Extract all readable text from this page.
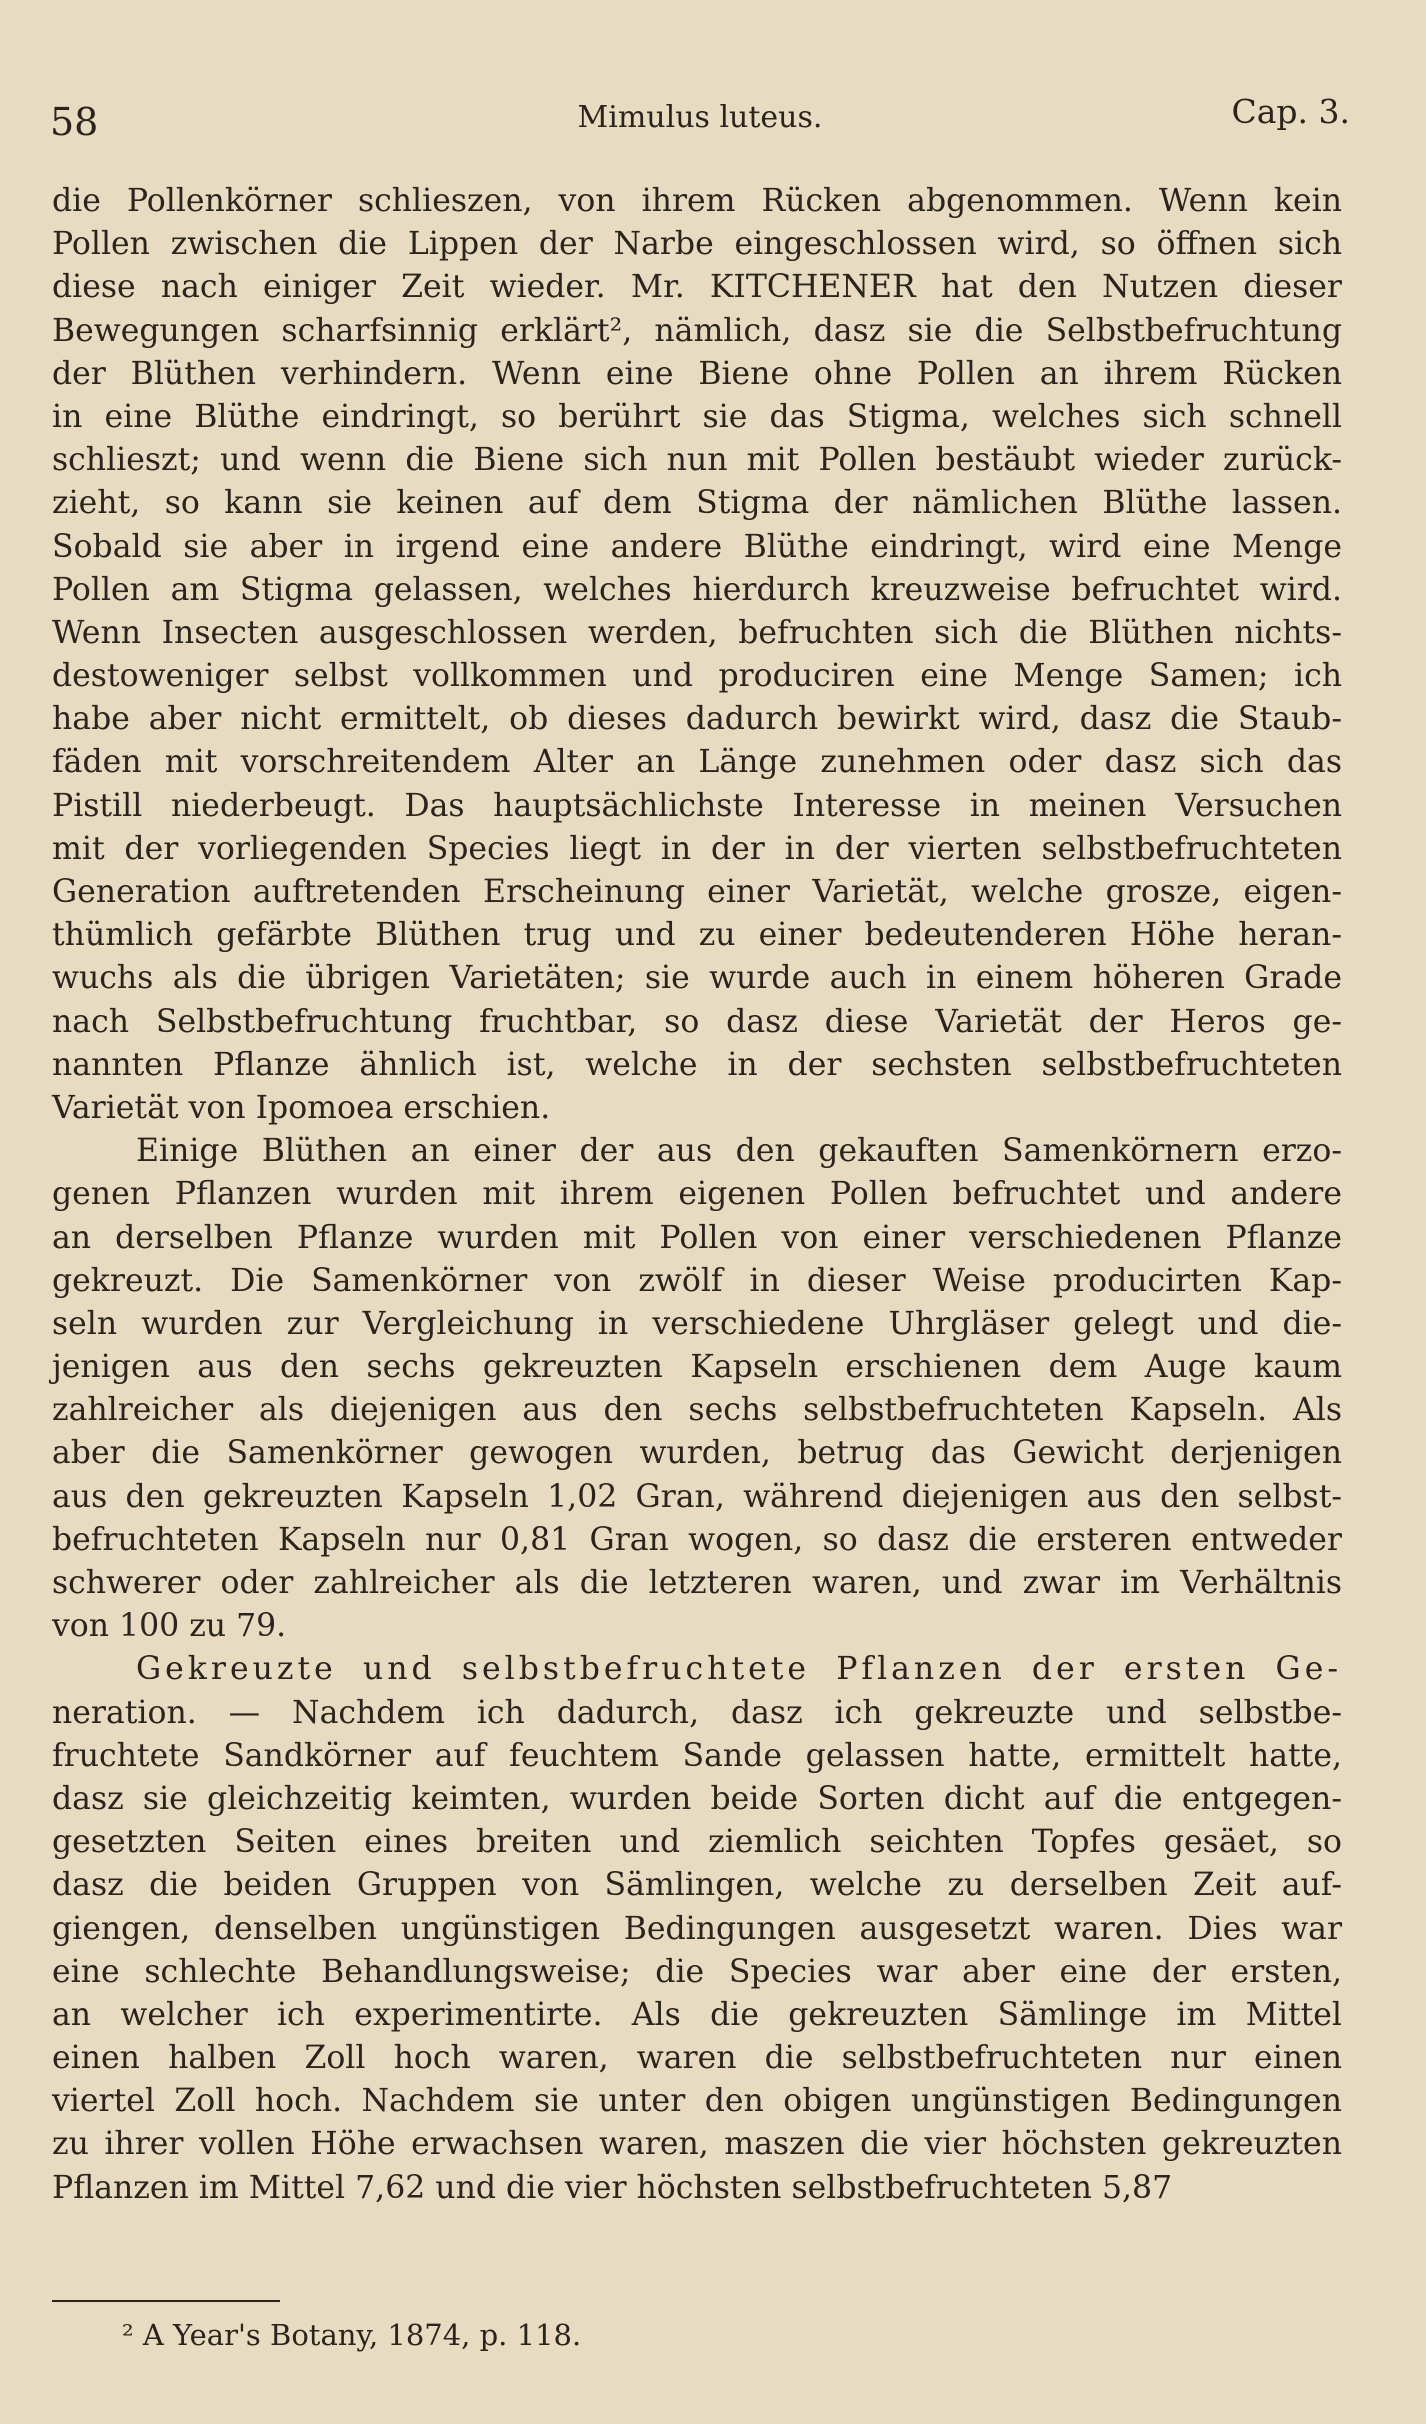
58	Mimulus luteus.	Cap. 3.
die Pollenkörner schlieszen, von ihrem Rücken abgenommen. Wenn kein
Pollen zwischen die Lippen der Narbe eingeschlossen wird, so öffnen sich
diese nach einiger Zeit wieder. Mr. KITCHENER hat den Nutzen dieser
Bewegungen scharfsinnig erklärt², nämlich, dasz sie die Selbstbefruchtung
der Blüthen verhindern. Wenn eine Biene ohne Pollen an ihrem Rücken
in eine Blüthe eindringt, so berührt sie das Stigma, welches sich schnell
schlieszt; und wenn die Biene sich nun mit Pollen bestäubt wieder zurück-
zieht, so kann sie keinen auf dem Stigma der nämlichen Blüthe lassen.
Sobald sie aber in irgend eine andere Blüthe eindringt, wird eine Menge
Pollen am Stigma gelassen, welches hierdurch kreuzweise befruchtet wird.
Wenn Insecten ausgeschlossen werden, befruchten sich die Blüthen nichts-
destoweniger selbst vollkommen und produciren eine Menge Samen; ich
habe aber nicht ermittelt, ob dieses dadurch bewirkt wird, dasz die Staub-
fäden mit vorschreitendem Alter an Länge zunehmen oder dasz sich das
Pistill niederbeugt. Das hauptsächlichste Interesse in meinen Versuchen
mit der vorliegenden Species liegt in der in der vierten selbstbefruchteten
Generation auftretenden Erscheinung einer Varietät, welche grosze, eigen-
thümlich gefärbte Blüthen trug und zu einer bedeutenderen Höhe heran-
wuchs als die übrigen Varietäten; sie wurde auch in einem höheren Grade
nach Selbstbefruchtung fruchtbar, so dasz diese Varietät der Heros ge-
nannten Pflanze ähnlich ist, welche in der sechsten selbstbefruchteten
Varietät von Ipomoea erschien.
Einige Blüthen an einer der aus den gekauften Samenkörnern erzo-
genen Pflanzen wurden mit ihrem eigenen Pollen befruchtet und andere
an derselben Pflanze wurden mit Pollen von einer verschiedenen Pflanze
gekreuzt. Die Samenkörner von zwölf in dieser Weise producirten Kap-
seln wurden zur Vergleichung in verschiedene Uhrgläser gelegt und die-
jenigen aus den sechs gekreuzten Kapseln erschienen dem Auge kaum
zahlreicher als diejenigen aus den sechs selbstbefruchteten Kapseln. Als
aber die Samenkörner gewogen wurden, betrug das Gewicht derjenigen
aus den gekreuzten Kapseln 1,02 Gran, während diejenigen aus den selbst-
befruchteten Kapseln nur 0,81 Gran wogen, so dasz die ersteren entweder
schwerer oder zahlreicher als die letzteren waren, und zwar im Verhältnis
von 100 zu 79.
Gekreuzte und selbstbefruchtete Pflanzen der ersten Ge-
neration. — Nachdem ich dadurch, dasz ich gekreuzte und selbstbe-
fruchtete Sandkörner auf feuchtem Sande gelassen hatte, ermittelt hatte,
dasz sie gleichzeitig keimten, wurden beide Sorten dicht auf die entgegen-
gesetzten Seiten eines breiten und ziemlich seichten Topfes gesäet, so
dasz die beiden Gruppen von Sämlingen, welche zu derselben Zeit auf-
giengen, denselben ungünstigen Bedingungen ausgesetzt waren. Dies war
eine schlechte Behandlungsweise; die Species war aber eine der ersten,
an welcher ich experimentirte. Als die gekreuzten Sämlinge im Mittel
einen halben Zoll hoch waren, waren die selbstbefruchteten nur einen
viertel Zoll hoch. Nachdem sie unter den obigen ungünstigen Bedingungen
zu ihrer vollen Höhe erwachsen waren, maszen die vier höchsten gekreuzten
Pflanzen im Mittel 7,62 und die vier höchsten selbstbefruchteten 5,87
² A Year's Botany, 1874, p. 118.
